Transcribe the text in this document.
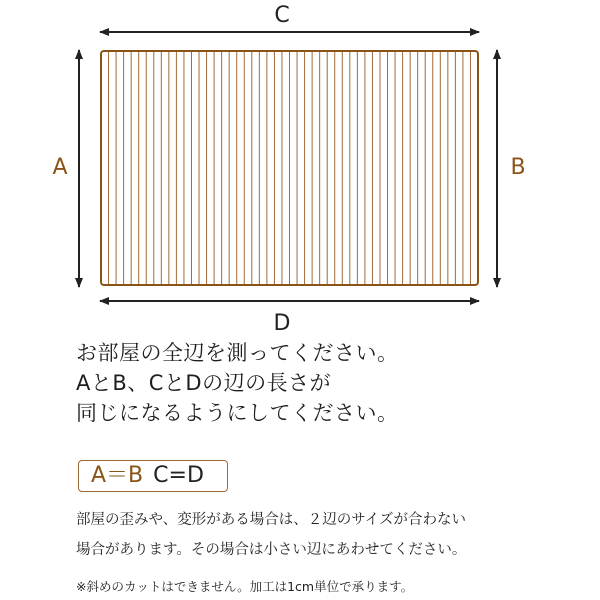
C
D
A	B
お部屋の全辺を測ってください。
AとB、CとDの辺の長さが
同じになるようにしてください。
A＝B C=D
部屋の歪みや、変形がある場合は、２辺のサイズが合わない
場合があります。その場合は小さい辺にあわせてください。
※斜めのカットはできません。加工は1cm単位で承ります。
